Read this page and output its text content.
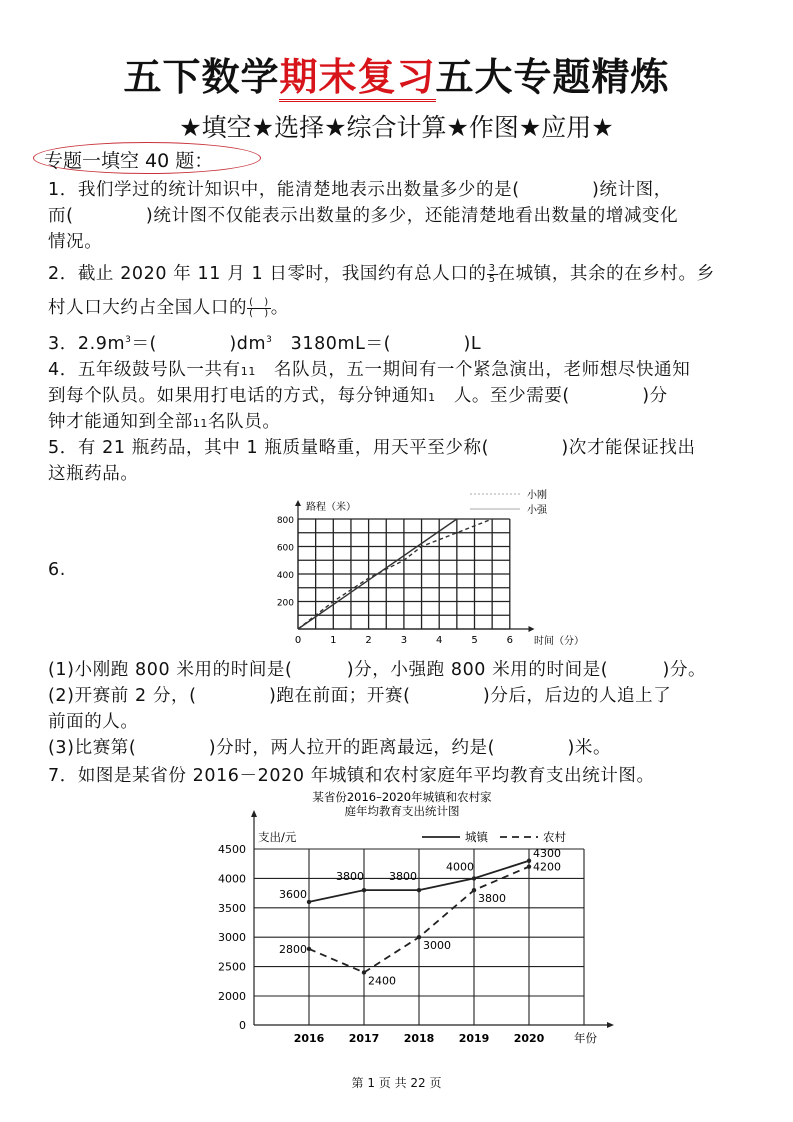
五下数学期末复习五大专题精炼
★填空★选择★综合计算★作图★应用★
专题一填空 40 题：
1．我们学过的统计知识中，能清楚地表示出数量多少的是(　　　　)统计图，
而(　　　　)统计图不仅能表示出数量的多少，还能清楚地看出数量的增减变化
情况。
2．截止 2020 年 11 月 1 日零时，我国约有总人口的 $\frac{3}{5}$ 在城镇，其余的在乡村。乡
村人口大约占全国人口的 $\frac{( )}{( )}$ 。
3．$2.9m^3=$(　　　　)$dm^3$　3180mL＝(　　　　)L
4．五年级鼓号队一共有11　名队员，五一期间有一个紧急演出，老师想尽快通知
到每个队员。如果用打电话的方式，每分钟通知1　人。至少需要(　　　　)分
钟才能通知到全部11名队员。
5．有 21 瓶药品，其中 1 瓶质量略重，用天平至少称(　　　　)次才能保证找出
这瓶药品。
6.
0	1	2	3	4	5	6
200
400
600
800
路程（米）
时间（分）
小刚
小强
(1)小刚跑 800 米用的时间是(　　　)分，小强跑 800 米用的时间是(　　　)分。
(2)开赛前 2 分，(　　　　)跑在前面；开赛(　　　　)分后，后边的人追上了
前面的人。
(3)比赛第(　　　　)分时，两人拉开的距离最远，约是(　　　　)米。
7．如图是某省份 2016－2020 年城镇和农村家庭年平均教育支出统计图。
某省份2016–2020年城镇和农村家
庭年均教育支出统计图
0
2000
2500
3000
3500
4000
4500
2016 2017 2018 2019 2020
支出/元
年份
3600
3800 3800
4000
4300
城镇
2800
2400
3000
3800
4200
农村
第 1 页 共 22 页
